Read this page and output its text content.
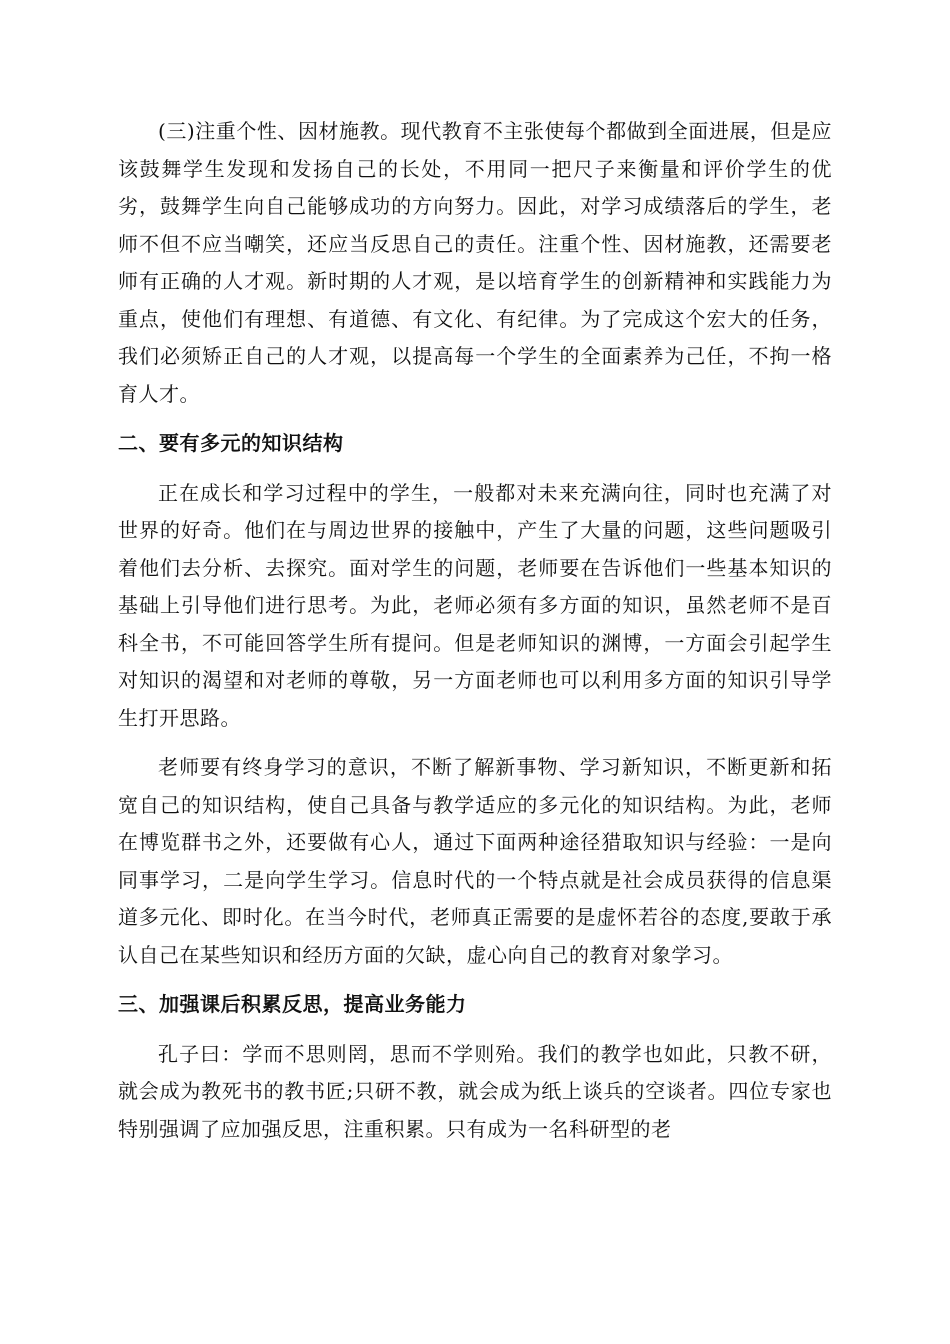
(三)注重个性、因材施教。现代教育不主张使每个都做到全面进展，但是应该鼓舞学生发现和发扬自己的长处，不用同一把尺子来衡量和评价学生的优劣，鼓舞学生向自己能够成功的方向努力。因此，对学习成绩落后的学生，老师不但不应当嘲笑，还应当反思自己的责任。注重个性、因材施教，还需要老师有正确的人才观。新时期的人才观，是以培育学生的创新精神和实践能力为重点，使他们有理想、有道德、有文化、有纪律。为了完成这个宏大的任务，我们必须矫正自己的人才观，以提高每一个学生的全面素养为己任，不拘一格育人才。

二、要有多元的知识结构

正在成长和学习过程中的学生，一般都对未来充满向往，同时也充满了对世界的好奇。他们在与周边世界的接触中，产生了大量的问题，这些问题吸引着他们去分析、去探究。面对学生的问题，老师要在告诉他们一些基本知识的基础上引导他们进行思考。为此，老师必须有多方面的知识，虽然老师不是百科全书，不可能回答学生所有提问。但是老师知识的渊博，一方面会引起学生对知识的渴望和对老师的尊敬，另一方面老师也可以利用多方面的知识引导学生打开思路。

老师要有终身学习的意识，不断了解新事物、学习新知识，不断更新和拓宽自己的知识结构，使自己具备与教学适应的多元化的知识结构。为此，老师在博览群书之外，还要做有心人，通过下面两种途径猎取知识与经验：一是向同事学习，二是向学生学习。信息时代的一个特点就是社会成员获得的信息渠道多元化、即时化。在当今时代，老师真正需要的是虚怀若谷的态度,要敢于承认自己在某些知识和经历方面的欠缺，虚心向自己的教育对象学习。

三、加强课后积累反思，提高业务能力

孔子曰：学而不思则罔，思而不学则殆。我们的教学也如此，只教不研，就会成为教死书的教书匠;只研不教，就会成为纸上谈兵的空谈者。四位专家也特别强调了应加强反思，注重积累。只有成为一名科研型的老
